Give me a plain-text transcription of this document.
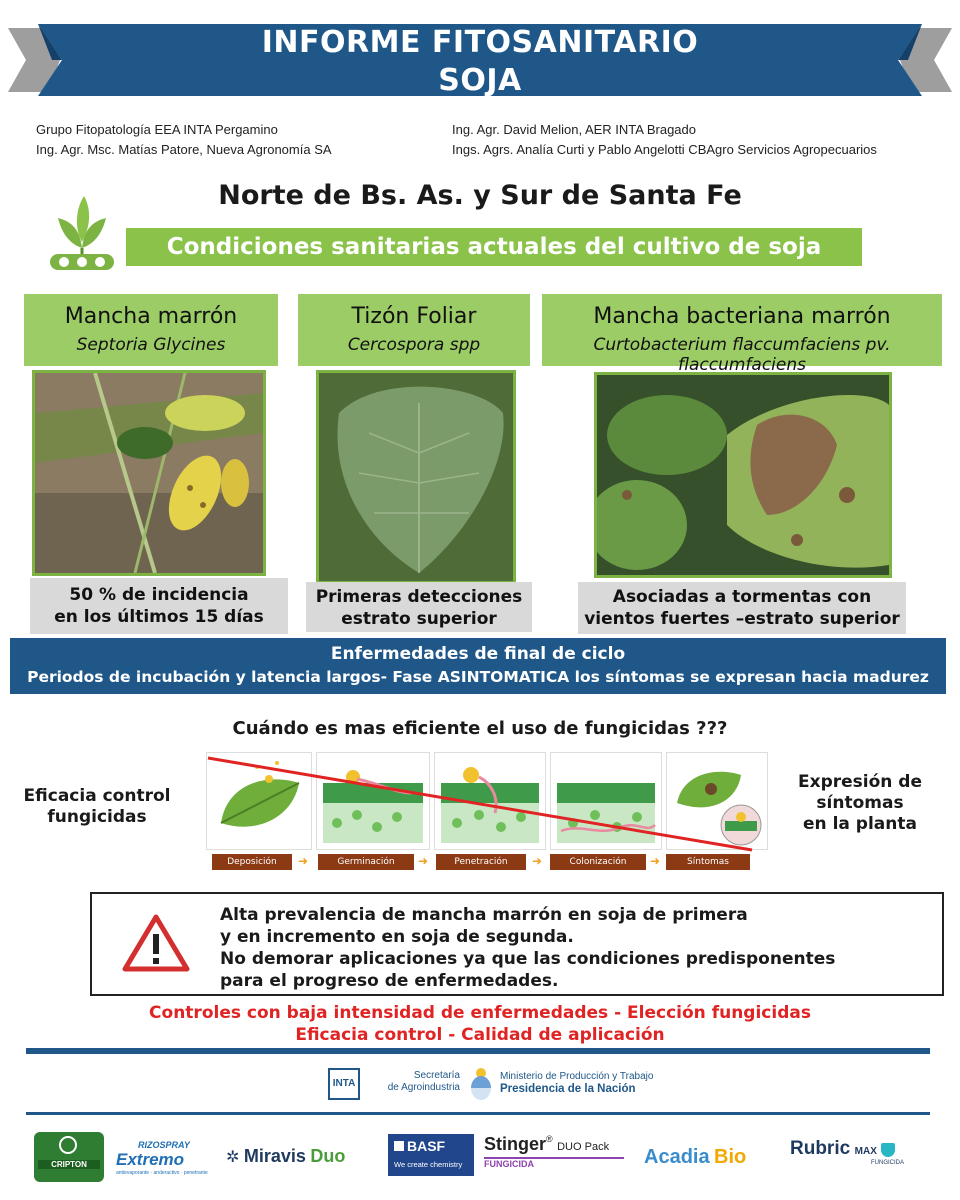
INFORME FITOSANITARIO
SOJA
Grupo Fitopatología EEA INTA Pergamino
Ing. Agr. Msc. Matías Patore, Nueva Agronomía SA
Ing. Agr. David Melion, AER INTA Bragado
Ings. Agrs. Analía Curti y Pablo Angelotti CBAgro Servicios Agropecuarios
Norte de Bs. As. y Sur de Santa Fe
Condiciones sanitarias actuales del cultivo de soja
Mancha marrón
Septoria Glycines
50 % de incidencia
en los últimos 15 días
Tizón Foliar
Cercospora spp
Primeras detecciones
estrato superior
Mancha bacteriana marrón
Curtobacterium flaccumfaciens pv. flaccumfaciens
Asociadas a tormentas con
vientos fuertes –estrato superior
Enfermedades de final de ciclo
Periodos de incubación y latencia largos- Fase ASINTOMATICA los síntomas se expresan hacia madurez
Cuándo es mas eficiente el uso de fungicidas ???
Eficacia control
fungicidas
Expresión de
síntomas
en la planta
Deposición	➜	Germinación	➜	Penetración	➜	Colonización	➜	Síntomas
Alta prevalencia de mancha marrón en soja de primera
y en incremento en soja de segunda.
No demorar aplicaciones ya que las condiciones predisponentes
para el progreso de enfermedades.
Controles con baja intensidad de enfermedades - Elección fungicidas
Eficacia control - Calidad de aplicación
INTA
Secretaría
de Agroindustria
Ministerio de Producción y Trabajo
Presidencia de la Nación
CRIPTON
RIZOSPRAY
Extremo
antievaporante · anderactivo · penetrante
✲ Miravis Duo	BASF
We create chemistry
Stinger® DUO Pack
FUNGICIDA	Acadia Bio Rubric MAX
FUNGICIDA
